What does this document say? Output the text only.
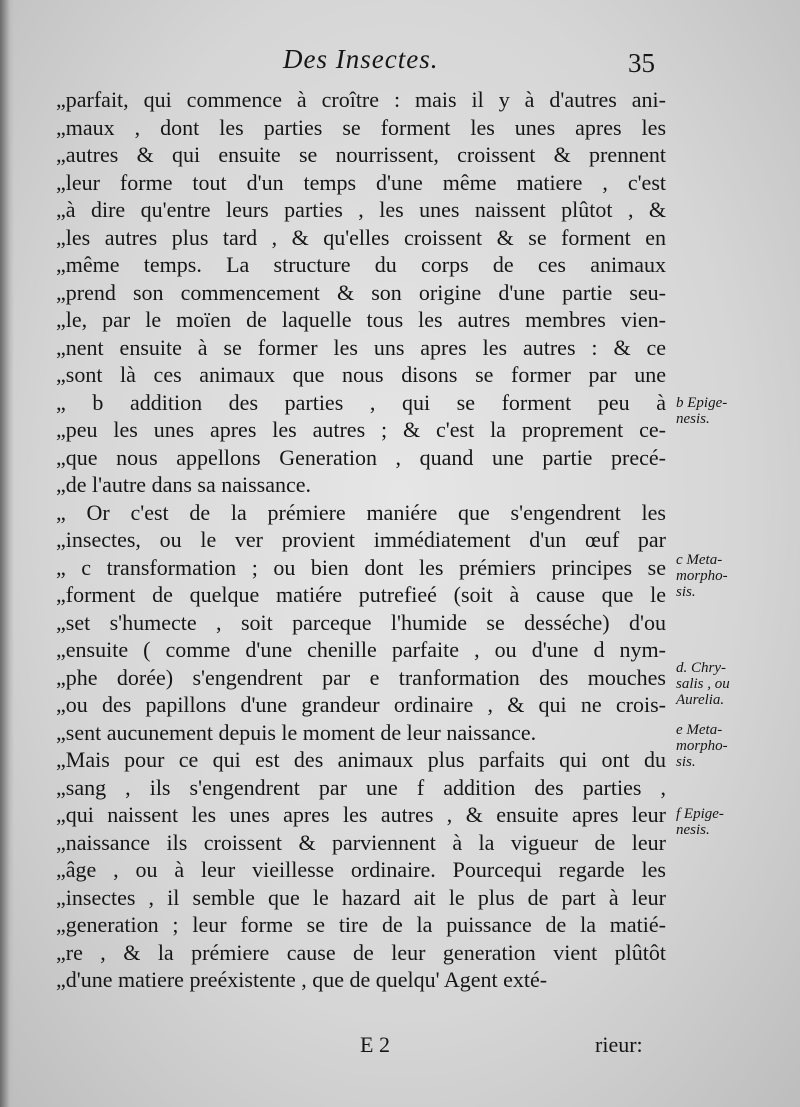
Des Insectes.	35
„parfait, qui commence à croître : mais il y à d'autres ani-
„maux , dont les parties se forment les unes apres les
„autres & qui ensuite se nourrissent, croissent & prennent
„leur forme tout d'un temps d'une même matiere , c'est
„à dire qu'entre leurs parties , les unes naissent plûtot , &
„les autres plus tard , & qu'elles croissent & se forment en
„même temps. La structure du corps de ces animaux
„prend son commencement & son origine d'une partie seu-
„le, par le moïen de laquelle tous les autres membres vien-
„nent ensuite à se former les uns apres les autres : & ce
„sont là ces animaux que nous disons se former par une
„ b addition des parties , qui se forment peu à
„peu les unes apres les autres ; & c'est la proprement ce-
„que nous appellons Generation , quand une partie precé-
„de l'autre dans sa naissance.
„ Or c'est de la prémiere maniére que s'engendrent les
„insectes, ou le ver provient immédiatement d'un œuf par
„ c transformation ; ou bien dont les prémiers principes se
„forment de quelque matiére putrefieé (soit à cause que le
„set s'humecte , soit parceque l'humide se desséche) d'ou
„ensuite ( comme d'une chenille parfaite , ou d'une d nym-
„phe dorée) s'engendrent par e tranformation des mouches
„ou des papillons d'une grandeur ordinaire , & qui ne crois-
„sent aucunement depuis le moment de leur naissance.
„Mais pour ce qui est des animaux plus parfaits qui ont du
„sang , ils s'engendrent par une f addition des parties ,
„qui naissent les unes apres les autres , & ensuite apres leur
„naissance ils croissent & parviennent à la vigueur de leur
„âge , ou à leur vieillesse ordinaire. Pourcequi regarde les
„insectes , il semble que le hazard ait le plus de part à leur
„generation ; leur forme se tire de la puissance de la matié-
„re , & la prémiere cause de leur generation vient plûtôt
„d'une matiere preéxistente , que de quelqu' Agent exté-
b Epige-
nesis.
c Meta-
morpho-
sis.
d. Chry-
salis , ou
Aurelia.
e Meta-
morpho-
sis.
f Epige-
nesis.
E 2	rieur:
